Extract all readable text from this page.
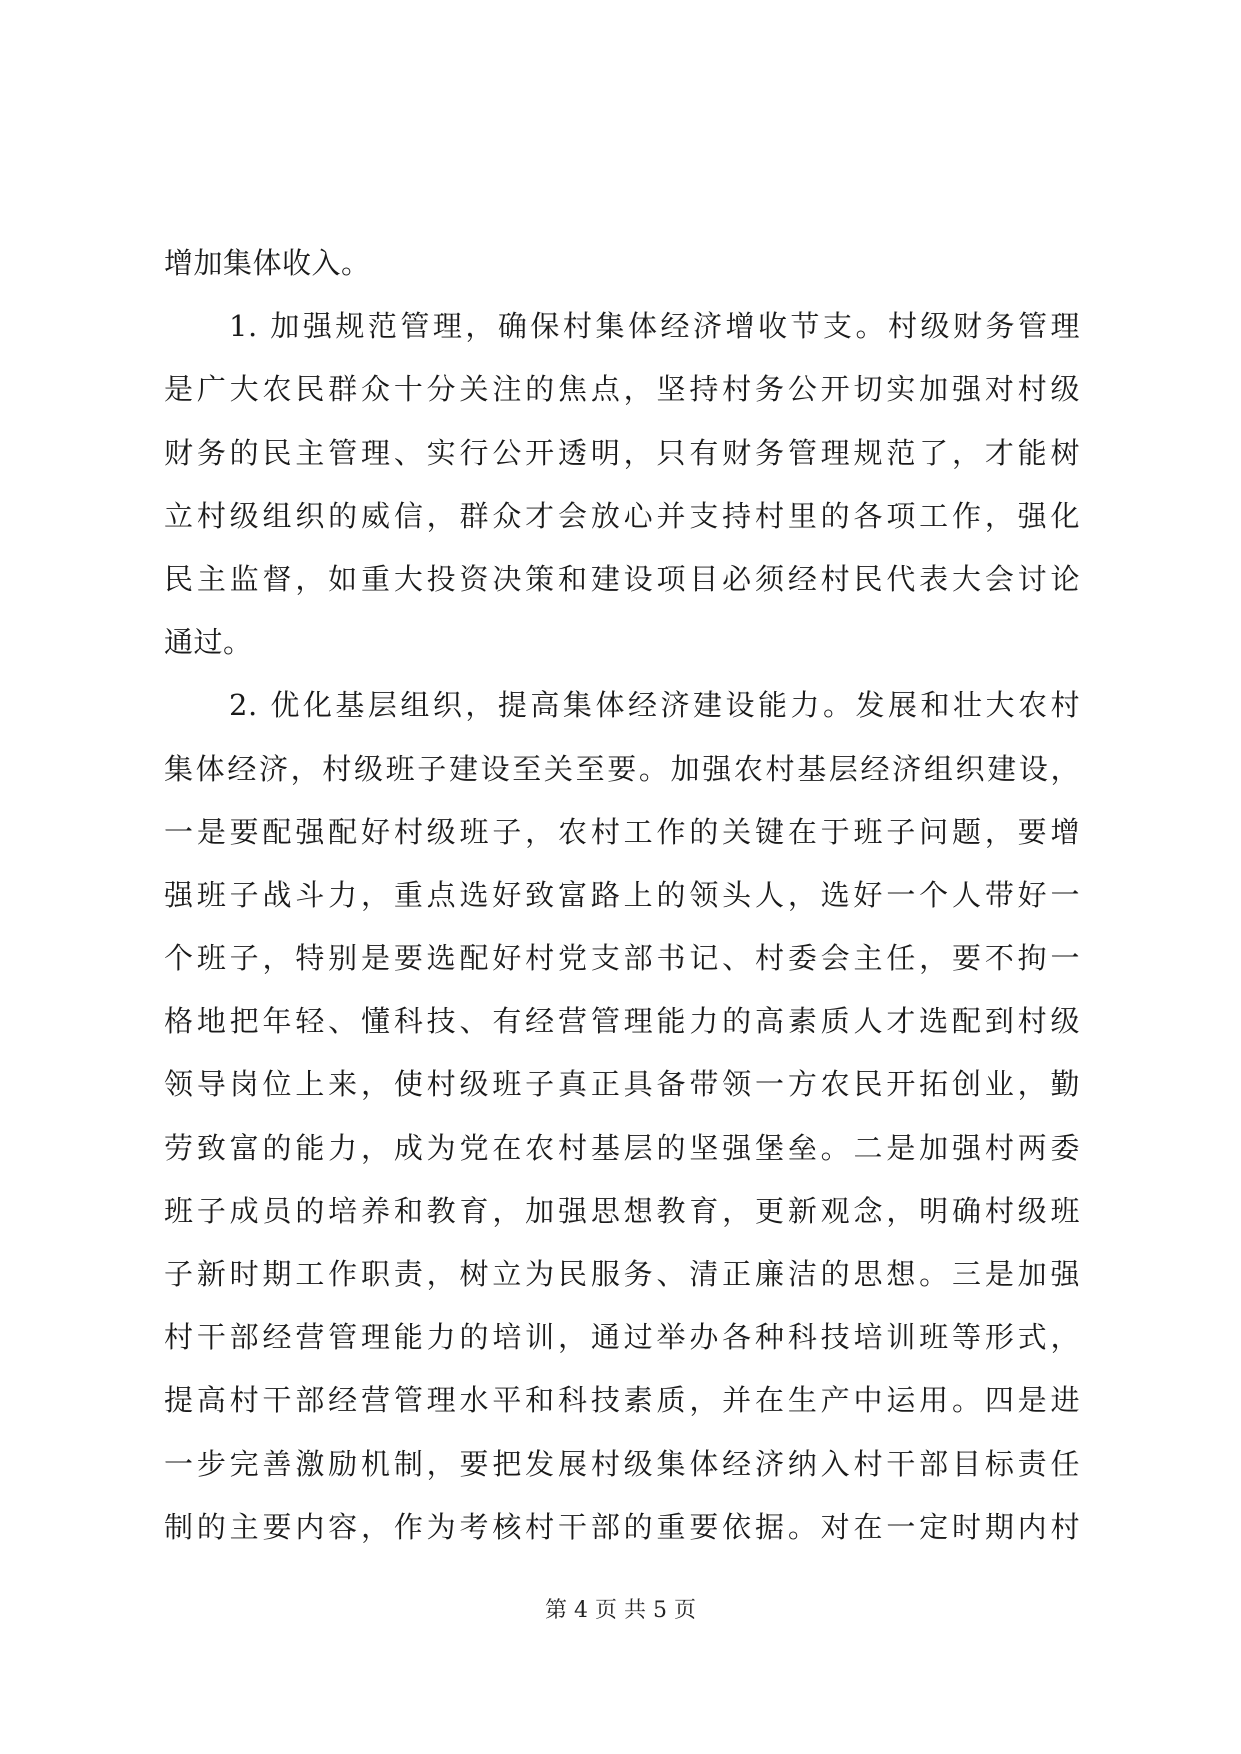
增加集体收入。
　　1. 加强规范管理，确保村集体经济增收节支。村级财务管理
是广大农民群众十分关注的焦点，坚持村务公开切实加强对村级
财务的民主管理、实行公开透明，只有财务管理规范了，才能树
立村级组织的威信，群众才会放心并支持村里的各项工作，强化
民主监督，如重大投资决策和建设项目必须经村民代表大会讨论
通过。
　　2. 优化基层组织，提高集体经济建设能力。发展和壮大农村
集体经济，村级班子建设至关至要。加强农村基层经济组织建设，
一是要配强配好村级班子，农村工作的关键在于班子问题，要增
强班子战斗力，重点选好致富路上的领头人，选好一个人带好一
个班子，特别是要选配好村党支部书记、村委会主任，要不拘一
格地把年轻、懂科技、有经营管理能力的高素质人才选配到村级
领导岗位上来，使村级班子真正具备带领一方农民开拓创业，勤
劳致富的能力，成为党在农村基层的坚强堡垒。二是加强村两委
班子成员的培养和教育，加强思想教育，更新观念，明确村级班
子新时期工作职责，树立为民服务、清正廉洁的思想。三是加强
村干部经营管理能力的培训，通过举办各种科技培训班等形式，
提高村干部经营管理水平和科技素质，并在生产中运用。四是进
一步完善激励机制，要把发展村级集体经济纳入村干部目标责任
制的主要内容，作为考核村干部的重要依据。对在一定时期内村
第 4 页 共 5 页
